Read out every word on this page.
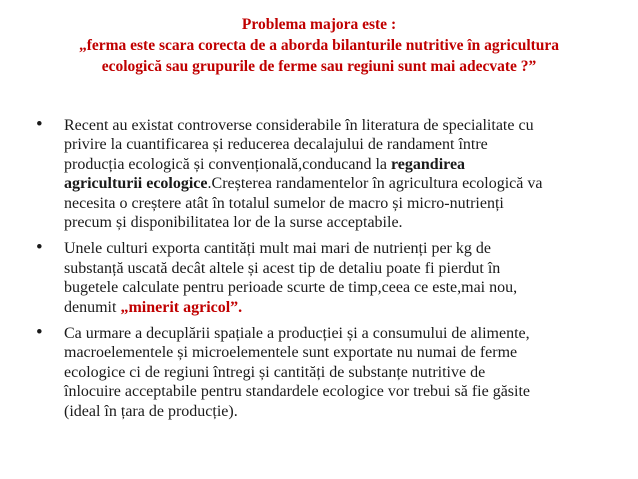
Problema majora este :
„ferma este scara corecta de a aborda bilanturile nutritive în agricultura
ecologică sau grupurile de ferme sau regiuni sunt mai adecvate ?”
• Recent au existat controverse considerabile în literatura de specialitate cu
privire la cuantificarea și reducerea decalajului de randament între
producția ecologică și convențională,conducand la regandirea
agriculturii ecologice.Creșterea randamentelor în agricultura ecologică va
necesita o creștere atât în totalul sumelor de macro și micro-nutrienți
precum și disponibilitatea lor de la surse acceptabile.
• Unele culturi exporta cantități mult mai mari de nutrienți per kg de
substanță uscată decât altele și acest tip de detaliu poate fi pierdut în
bugetele calculate pentru perioade scurte de timp,ceea ce este,mai nou,
denumit „minerit agricol”.
• Ca urmare a decuplării spațiale a producției și a consumului de alimente,
macroelementele și microelementele sunt exportate nu numai de ferme
ecologice ci de regiuni întregi și cantități de substanțe nutritive de
înlocuire acceptabile pentru standardele ecologice vor trebui să fie găsite
(ideal în țara de producție).
